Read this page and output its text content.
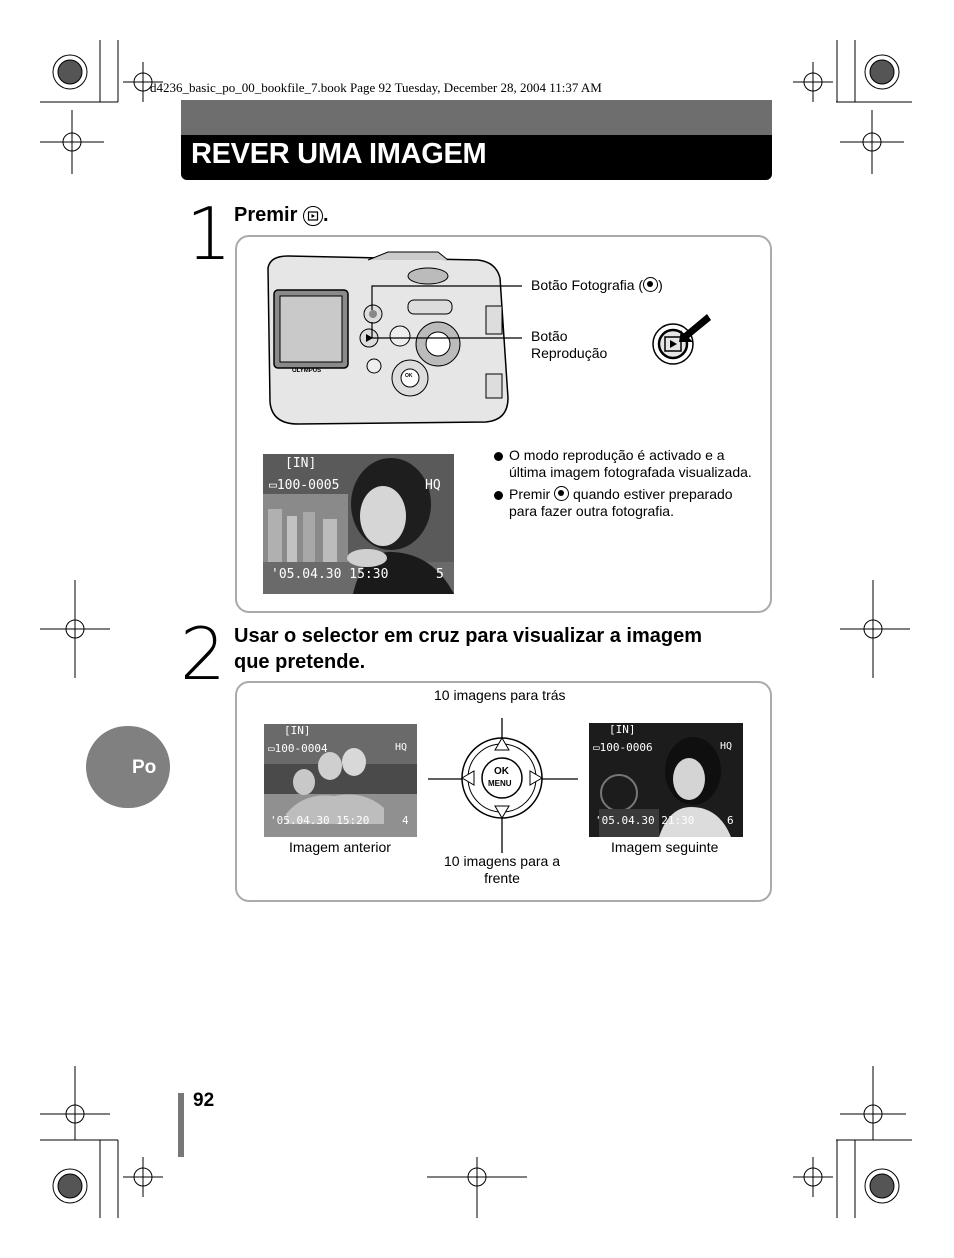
d4236_basic_po_00_bookfile_7.book Page 92 Tuesday, December 28, 2004 11:37 AM
REVER UMA IMAGEM
1 Premir .
OLYMPUS
OK
Botão Fotografia ( )
Botão
Reprodução
[IN]
▭100-0005	HQ
'05.04.30 15:30	5
O modo reprodução é activado e a última imagem fotografada visualizada.
Premir quando estiver preparado para fazer outra fotografia.
2 Usar o selector em cruz para visualizar a imagem
que pretende.
10 imagens para trás
[IN]
▭100-0004	HQ
'05.04.30 15:20	4
OK
MENU
[IN]
▭100-0006	HQ
'05.04.30 21:30	6
Imagem anterior	Imagem seguinte
10 imagens para a
frente
Po
92
